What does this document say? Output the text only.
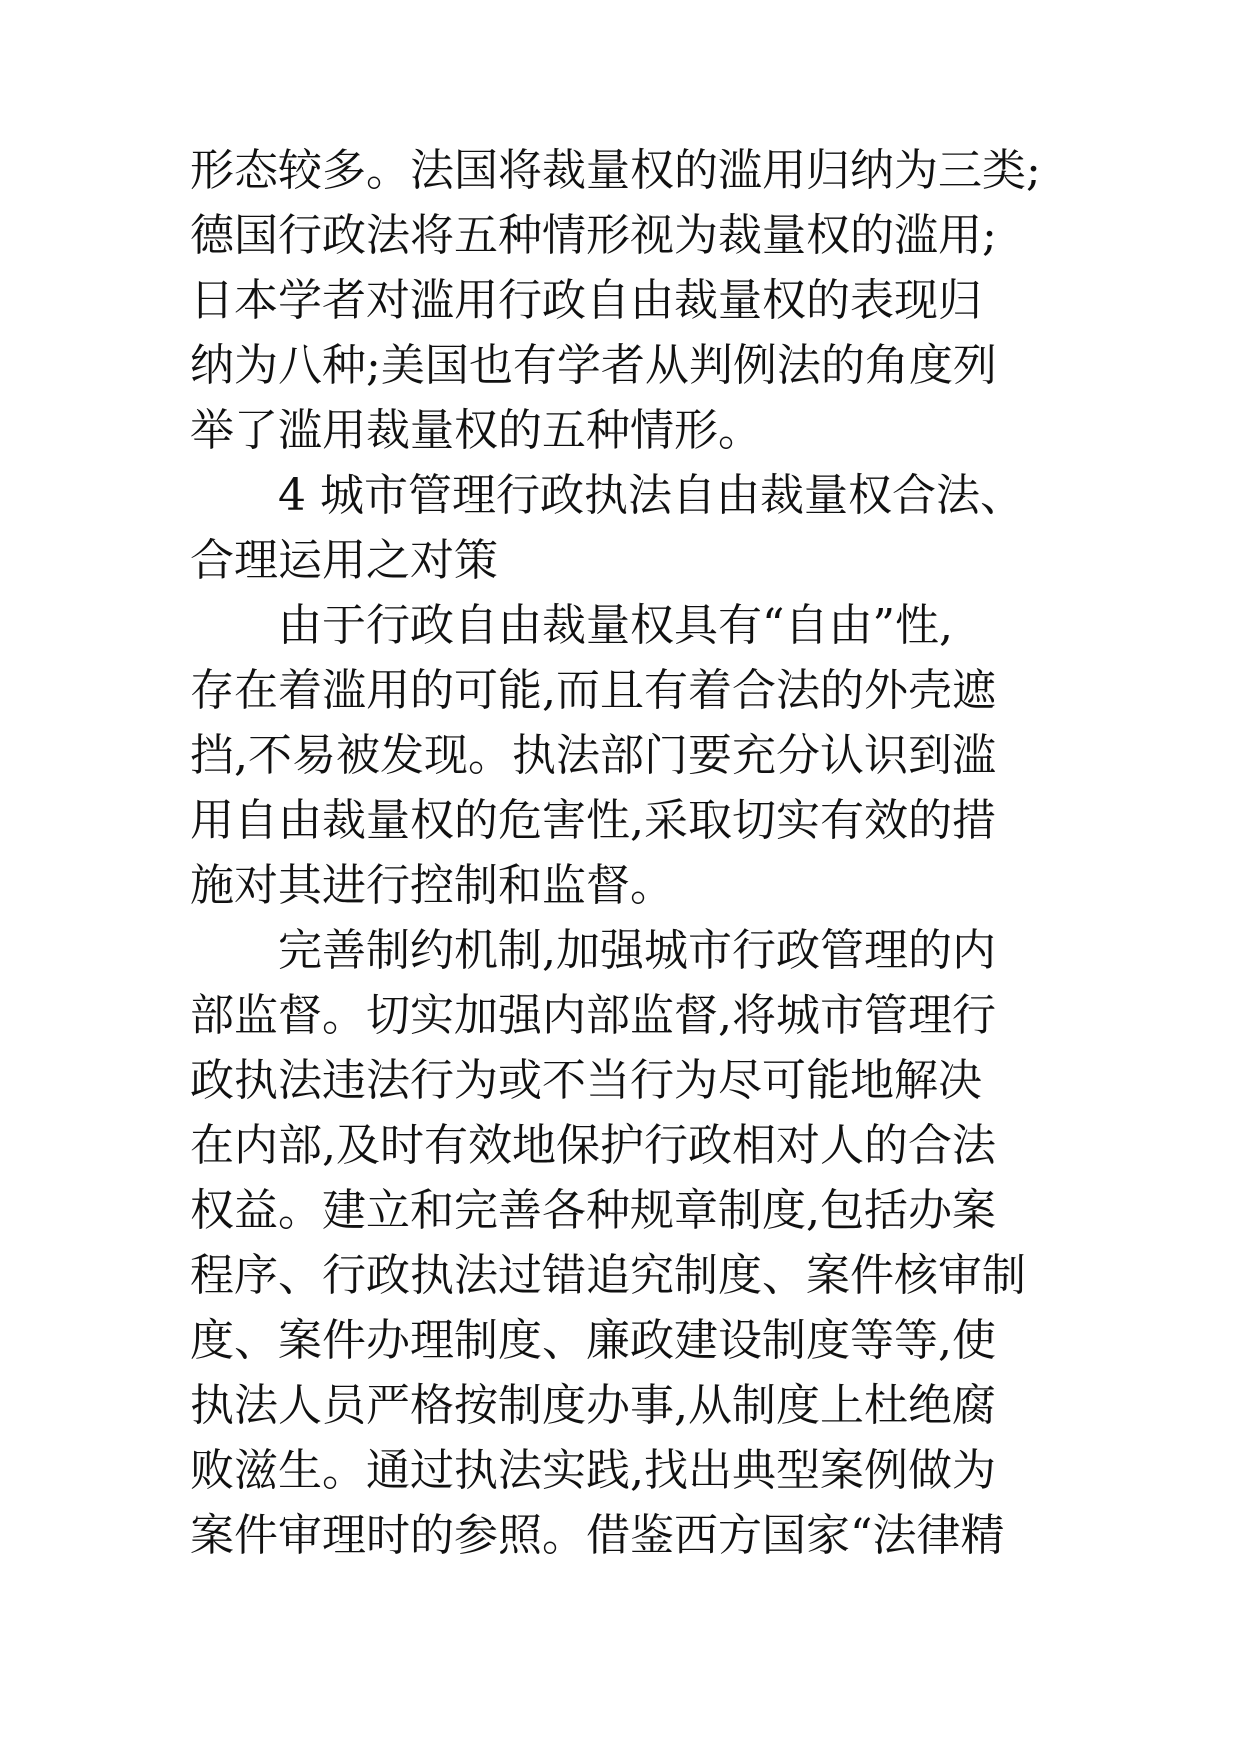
形态较多。法国将裁量权的滥用归纳为三类;
德国行政法将五种情形视为裁量权的滥用;
日本学者对滥用行政自由裁量权的表现归
纳为八种;美国也有学者从判例法的角度列
举了滥用裁量权的五种情形。
4 城市管理行政执法自由裁量权合法、
合理运用之对策
由于行政自由裁量权具有“自由”性,
存在着滥用的可能,而且有着合法的外壳遮
挡,不易被发现。执法部门要充分认识到滥
用自由裁量权的危害性,采取切实有效的措
施对其进行控制和监督。
完善制约机制,加强城市行政管理的内
部监督。切实加强内部监督,将城市管理行
政执法违法行为或不当行为尽可能地解决
在内部,及时有效地保护行政相对人的合法
权益。建立和完善各种规章制度,包括办案
程序、行政执法过错追究制度、案件核审制
度、案件办理制度、廉政建设制度等等,使
执法人员严格按制度办事,从制度上杜绝腐
败滋生。通过执法实践,找出典型案例做为
案件审理时的参照。借鉴西方国家“法律精
